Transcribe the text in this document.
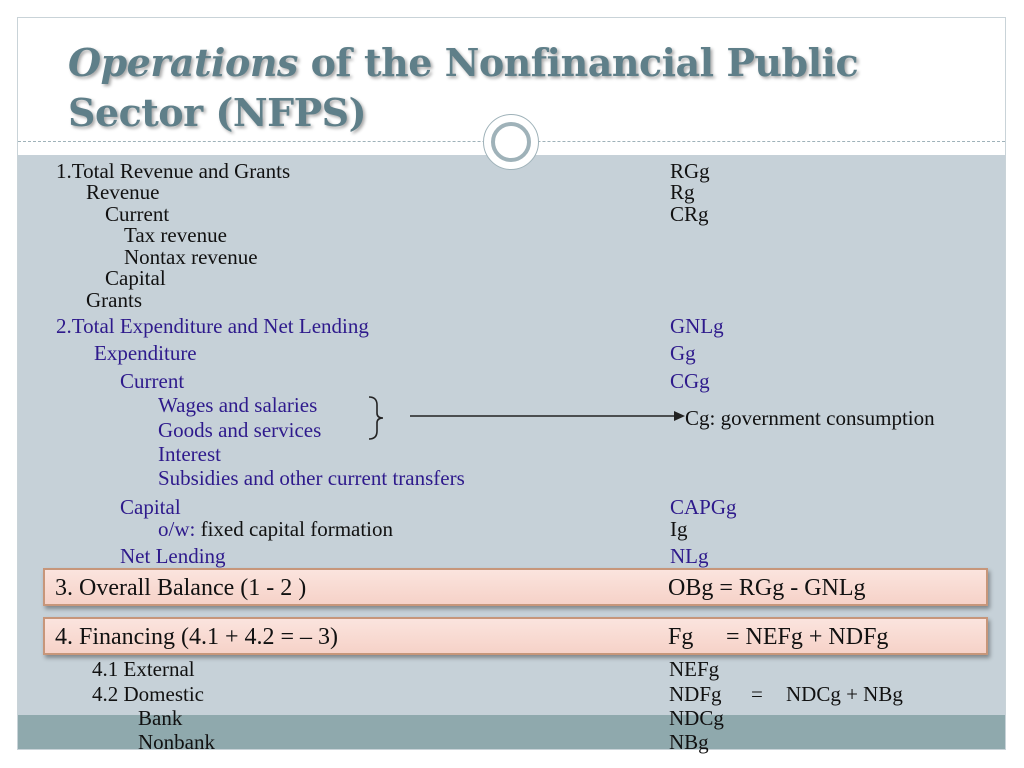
Operations of the Nonfinancial Public
Sector (NFPS)
1.Total Revenue and Grants	RGg
Revenue	Rg
Current	CRg
Tax revenue
Nontax revenue
Capital
Grants
2.Total Expenditure and Net Lending	GNLg
Expenditure	Gg
Current	CGg
Wages and salaries
Goods and services	Cg: government consumption
Interest
Subsidies and other current transfers
Capital	CAPGg
o/w: fixed capital formation	Ig
Net Lending	NLg
3. Overall Balance (1 - 2 )	OBg = RGg - GNLg
4. Financing (4.1 + 4.2 = – 3)	Fg = NEFg + NDFg
4.1 External	NEFg
4.2 Domestic	NDFg = NDCg + NBg
Bank	NDCg
Nonbank	NBg
